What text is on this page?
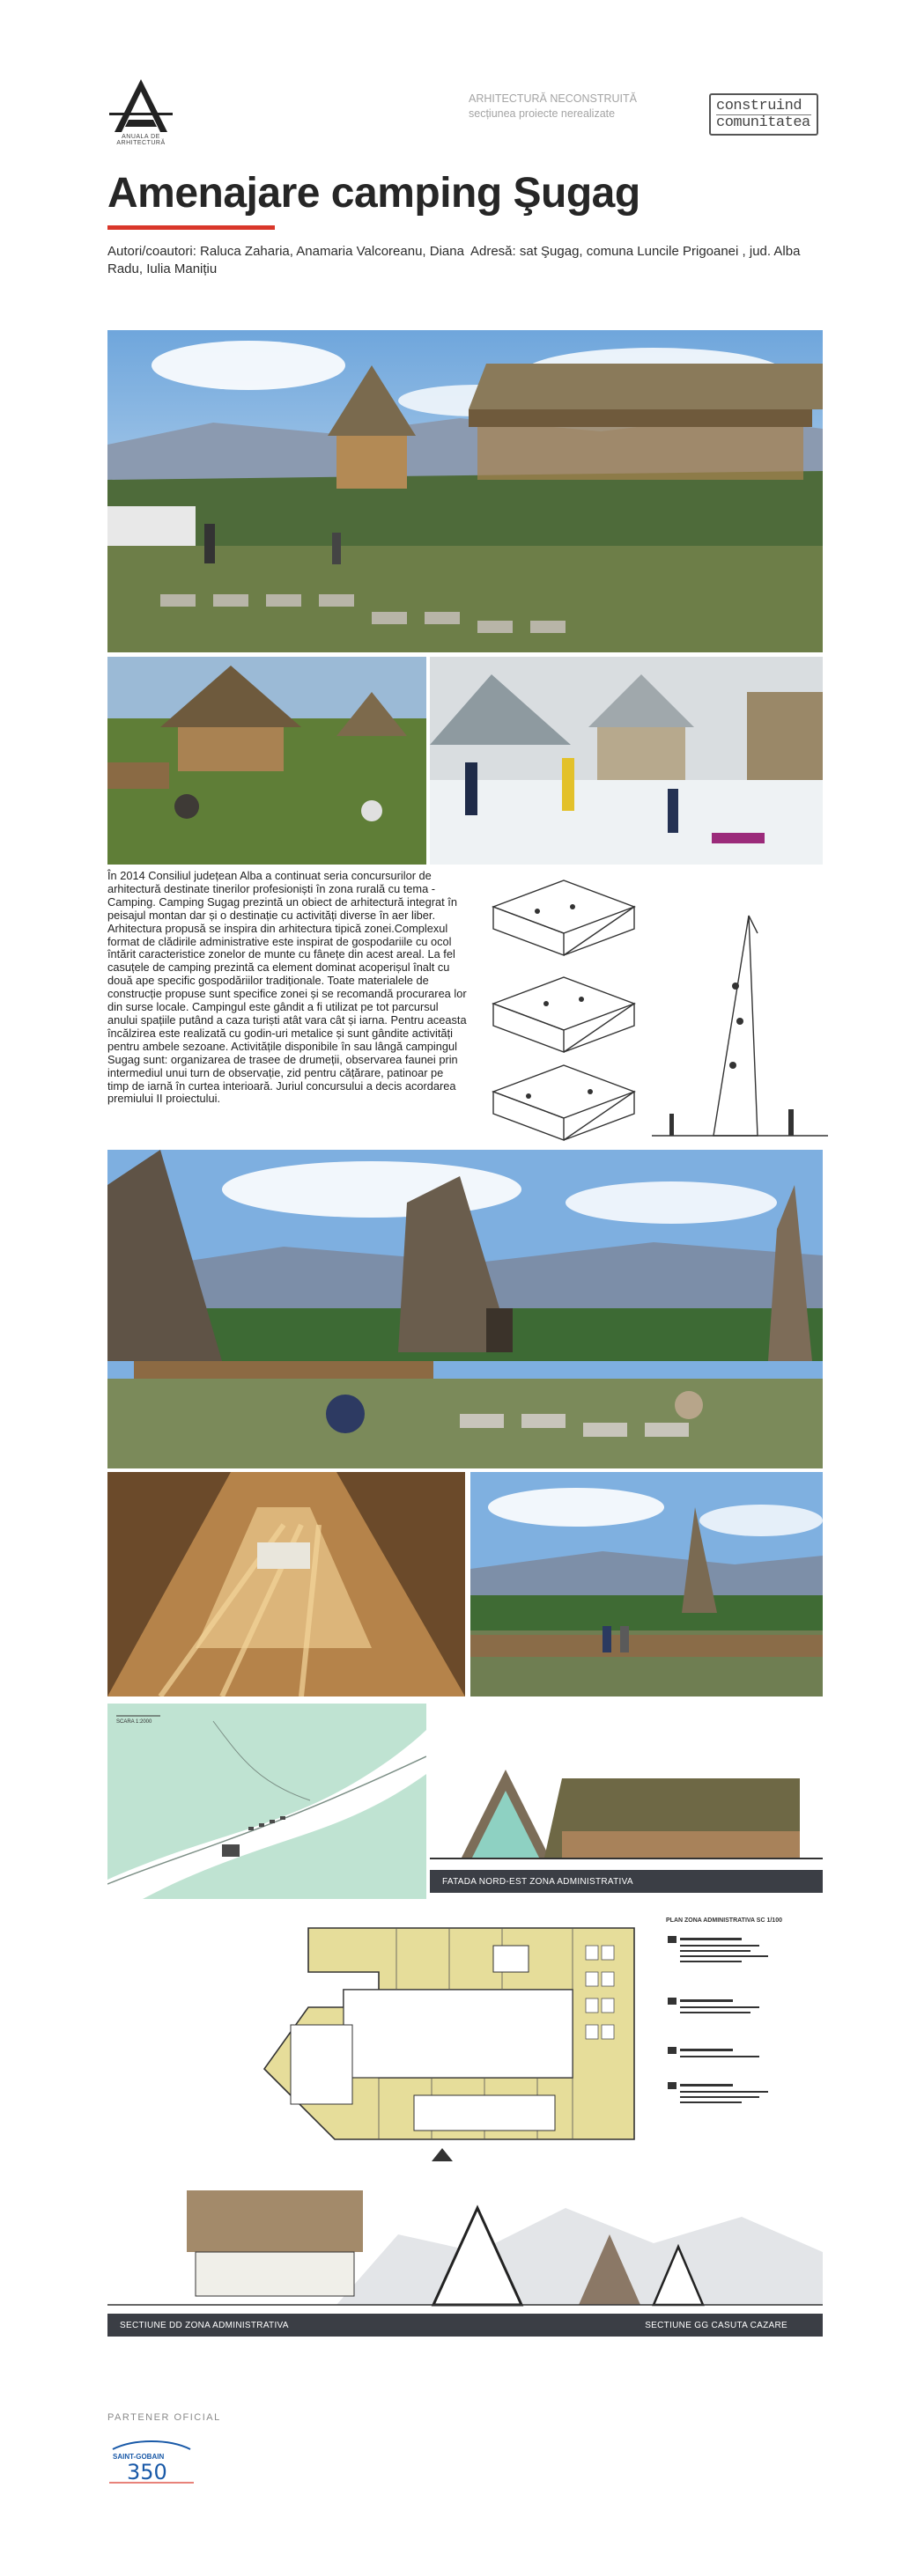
ANUALA DE ARHITECTURĂ
ARHITECTURĂ NECONSTRUITĂ
secțiunea proiecte nerealizate	construind
comunitatea
Amenajare camping Şugag
Autori/coautori: Raluca Zaharia, Anamaria Valcoreanu, Diana Radu, Iulia Manițiu
Adresă: sat Şugag, comuna Luncile Prigoanei , jud. Alba
În 2014 Consiliul județean Alba a continuat seria concursurilor de arhitectură destinate tinerilor profesioniști în zona rurală cu tema - Camping. Camping Sugag prezintă un obiect de arhitectură integrat în peisajul montan dar și o destinație cu activități diverse în aer liber. Arhitectura propusă se inspira din arhitectura tipică zonei.Complexul format de clădirile administrative este inspirat de gospodariile cu ocol întărit caracteristice zonelor de munte cu fânețe din acest areal. La fel casuțele de camping prezintă ca element dominat acoperișul înalt cu două ape specific gospodăriilor tradiționale. Toate materialele de construcție propuse sunt specifice zonei și se recomandă procurarea lor din surse locale. Campingul este gândit a fi utilizat pe tot parcursul anului spațiile putând a caza turiști atât vara cât și iarna. Pentru aceasta încălzirea este realizată cu godin-uri metalice și sunt gândite activități pentru ambele sezoane. Activitățile disponibile în sau lângă campingul Sugag sunt: organizarea de trasee de drumeții, observarea faunei prin intermediul unui turn de observație, zid pentru cățărare, patinoar pe timp de iarnă în curtea interioară. Juriul concursului a decis acordarea premiului II proiectului.
SCARA 1:2000
FATADA NORD-EST ZONA ADMINISTRATIVA
PLAN ZONA ADMINISTRATIVA SC 1/100
SECTIUNE DD ZONA ADMINISTRATIVA	SECTIUNE GG CASUTA CAZARE
PARTENER OFICIAL
SAINT-GOBAIN
350
